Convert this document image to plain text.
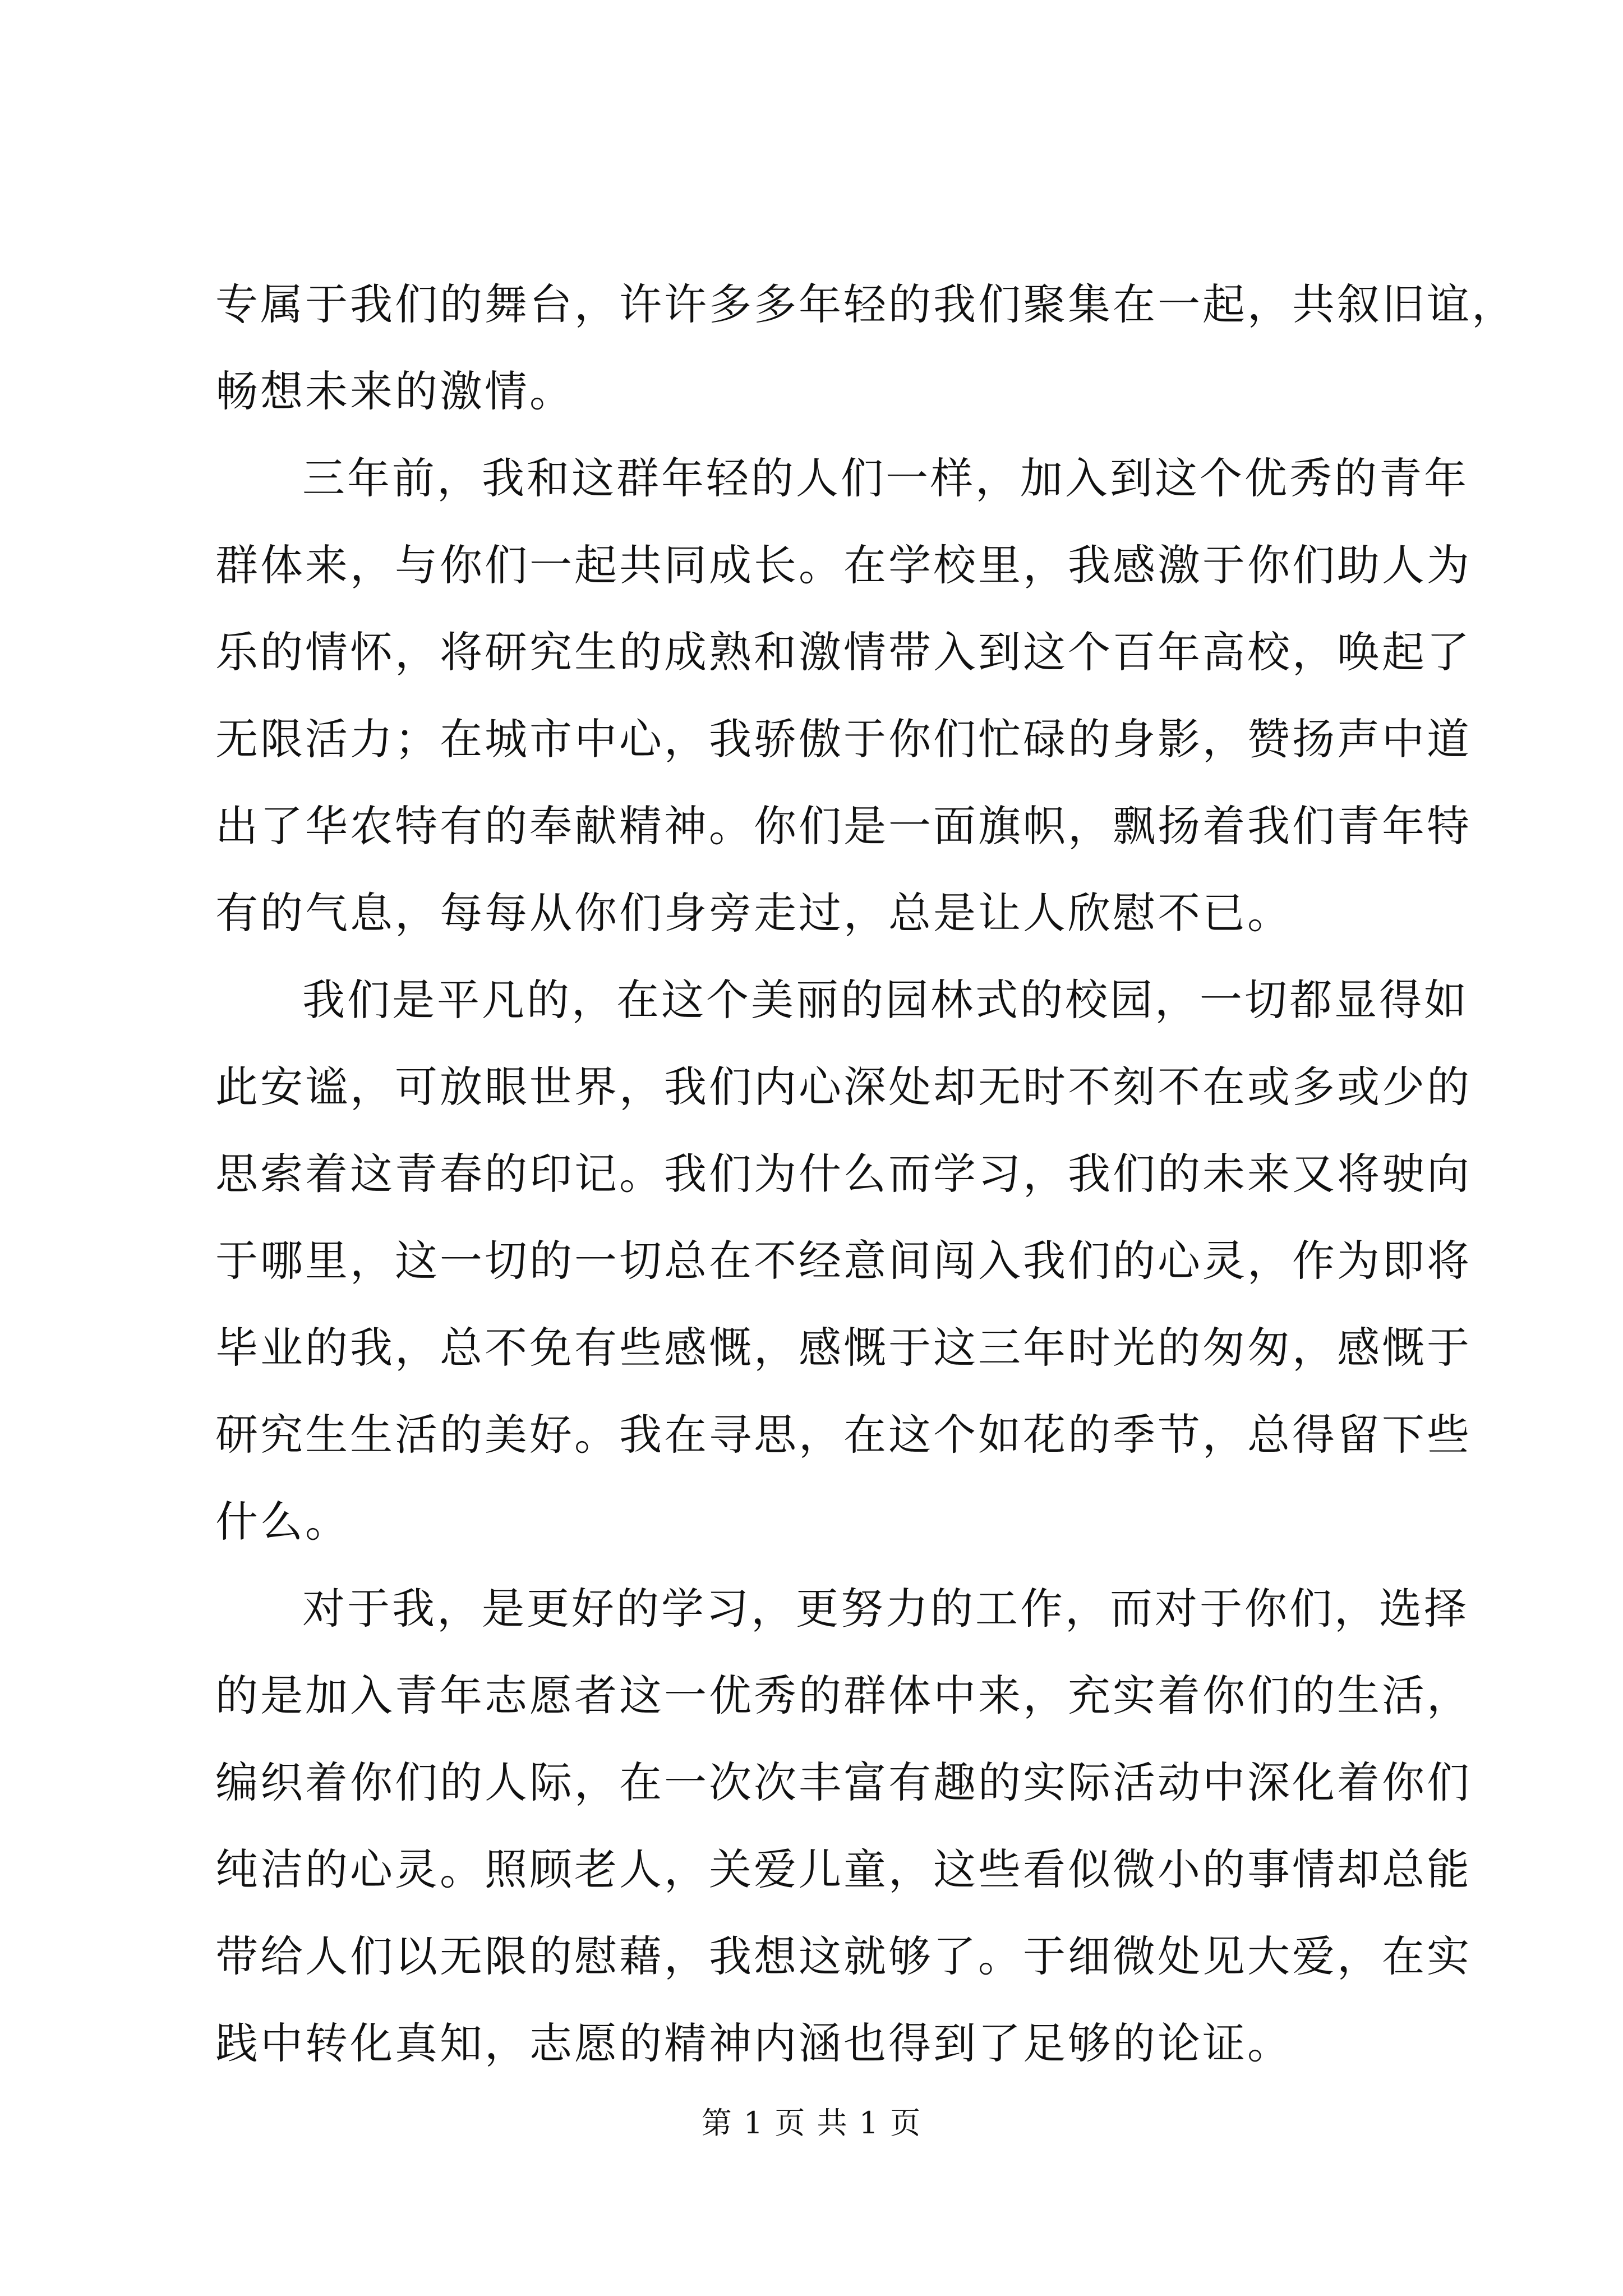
专属于我们的舞台，许许多多年轻的我们聚集在一起，共叙旧谊，
畅想未来的激情。
三年前，我和这群年轻的人们一样，加入到这个优秀的青年
群体来，与你们一起共同成长。在学校里，我感激于你们助人为
乐的情怀，将研究生的成熟和激情带入到这个百年高校，唤起了
无限活力；在城市中心，我骄傲于你们忙碌的身影，赞扬声中道
出了华农特有的奉献精神。你们是一面旗帜，飘扬着我们青年特
有的气息，每每从你们身旁走过，总是让人欣慰不已。
我们是平凡的，在这个美丽的园林式的校园，一切都显得如
此安谧，可放眼世界，我们内心深处却无时不刻不在或多或少的
思索着这青春的印记。我们为什么而学习，我们的未来又将驶向
于哪里，这一切的一切总在不经意间闯入我们的心灵，作为即将
毕业的我，总不免有些感慨，感慨于这三年时光的匆匆，感慨于
研究生生活的美好。我在寻思，在这个如花的季节，总得留下些
什么。
对于我，是更好的学习，更努力的工作，而对于你们，选择
的是加入青年志愿者这一优秀的群体中来，充实着你们的生活，
编织着你们的人际，在一次次丰富有趣的实际活动中深化着你们
纯洁的心灵。照顾老人，关爱儿童，这些看似微小的事情却总能
带给人们以无限的慰藉，我想这就够了。于细微处见大爱，在实
践中转化真知，志愿的精神内涵也得到了足够的论证。
第 1 页 共 1 页
